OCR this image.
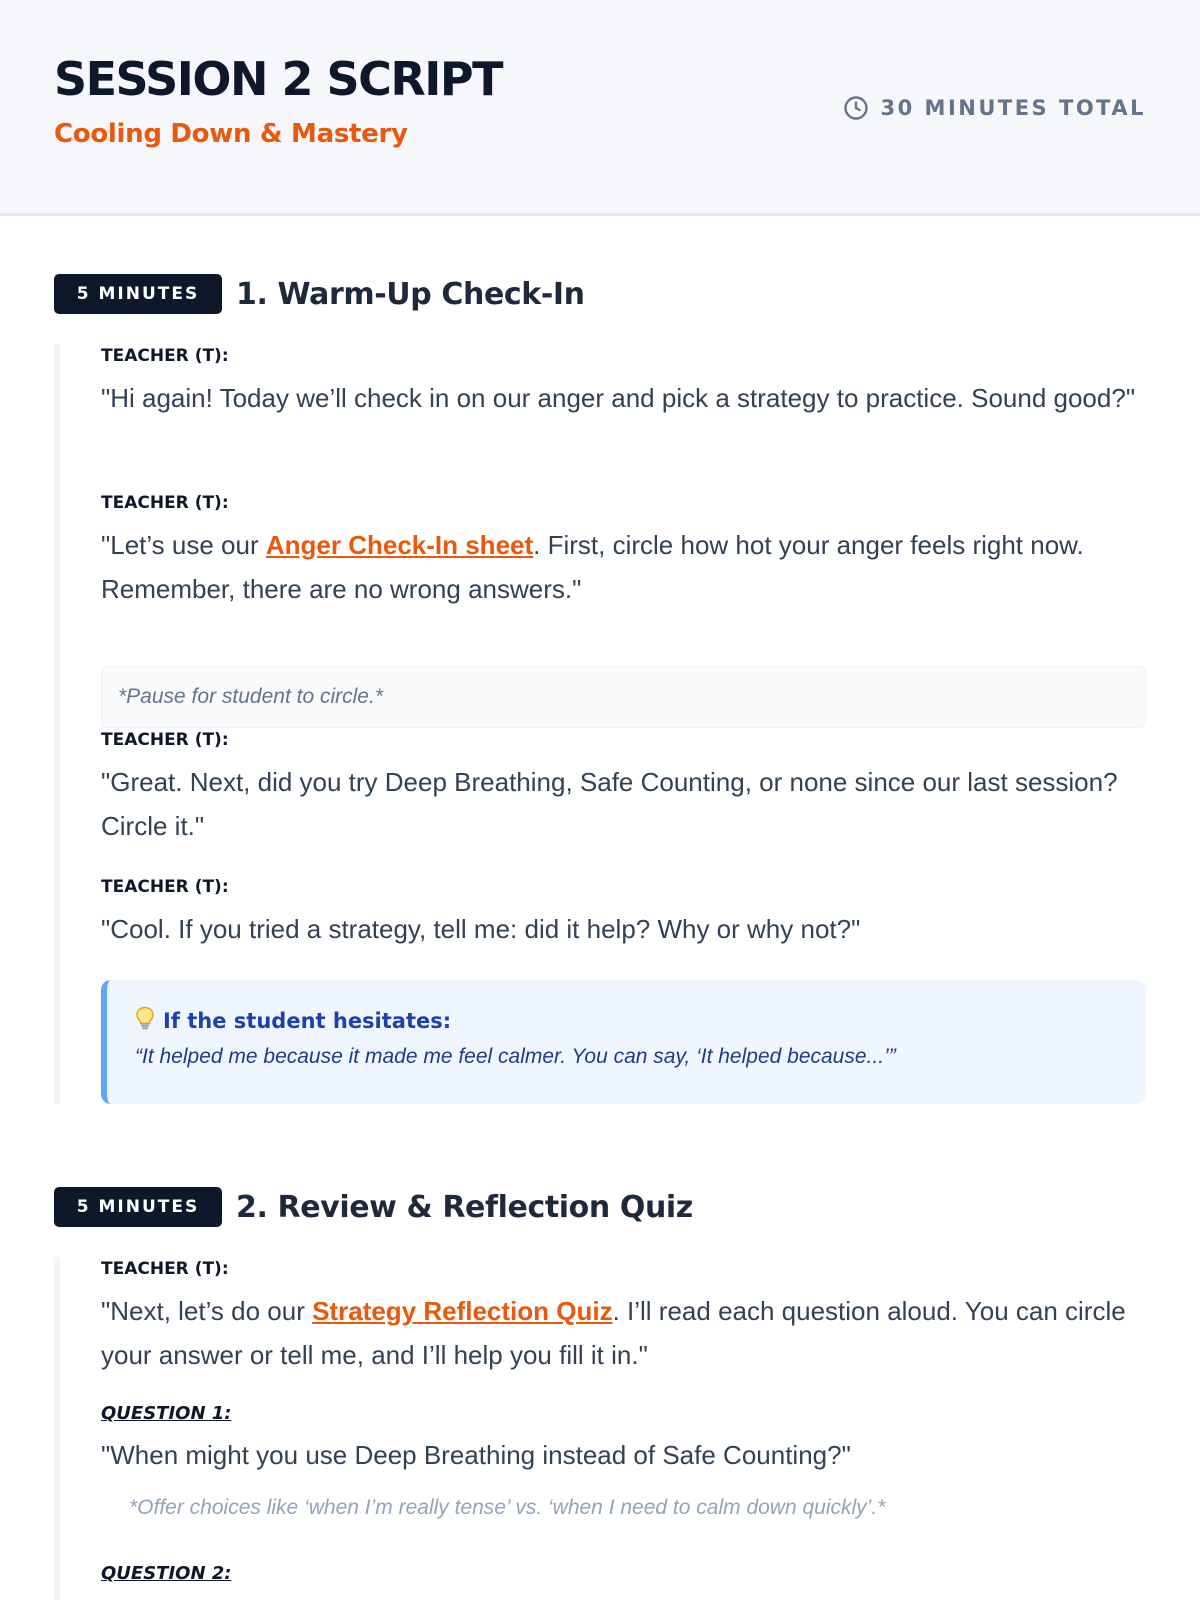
SESSION 2 SCRIPT
Cooling Down & Mastery
30 MINUTES TOTAL
5 MINUTES	1. Warm-Up Check-In
TEACHER (T):
"Hi again! Today we’ll check in on our anger and pick a strategy to practice. Sound good?"
TEACHER (T):
"Let’s use our Anger Check-In sheet. First, circle how hot your anger feels right now. Remember, there are no wrong answers."
*Pause for student to circle.*
TEACHER (T):
"Great. Next, did you try Deep Breathing, Safe Counting, or none since our last session? Circle it."
TEACHER (T):
"Cool. If you tried a strategy, tell me: did it help? Why or why not?"
If the student hesitates:
“It helped me because it made me feel calmer. You can say, ‘It helped because...’”
5 MINUTES	2. Review & Reflection Quiz
TEACHER (T):
"Next, let’s do our Strategy Reflection Quiz. I’ll read each question aloud. You can circle your answer or tell me, and I’ll help you fill it in."
QUESTION 1:
"When might you use Deep Breathing instead of Safe Counting?"
*Offer choices like ‘when I’m really tense’ vs. ‘when I need to calm down quickly’.*
QUESTION 2:
